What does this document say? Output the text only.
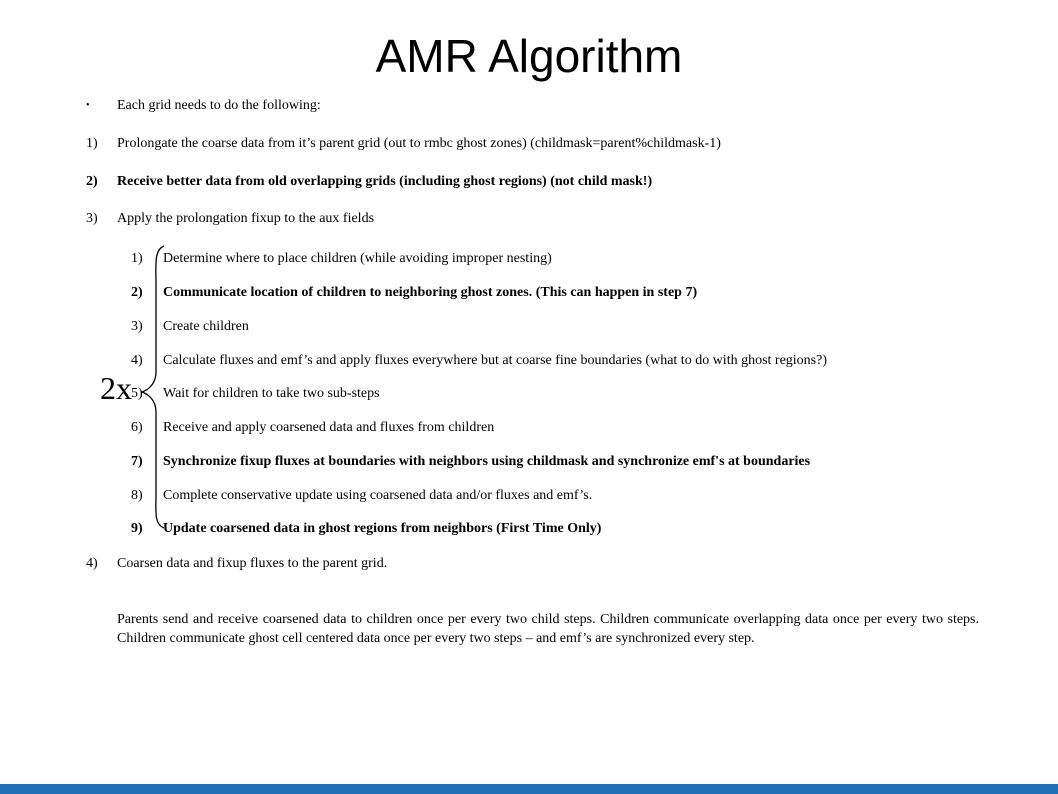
AMR Algorithm
• Each grid needs to do the following:
1) Prolongate the coarse data from it’s parent grid (out to rmbc ghost zones) (childmask=parent%childmask-1)
2) Receive better data from old overlapping grids (including ghost regions) (not child mask!)
3) Apply the prolongation fixup to the aux fields
1) Determine where to place children (while avoiding improper nesting)
2) Communicate location of children to neighboring ghost zones. (This can happen in step 7)
3) Create children
4) Calculate fluxes and emf’s and apply fluxes everywhere but at coarse fine boundaries (what to do with ghost regions?)
5) Wait for children to take two sub-steps
6) Receive and apply coarsened data and fluxes from children
7) Synchronize fixup fluxes at boundaries with neighbors using childmask and synchronize emf's at boundaries
8) Complete conservative update using coarsened data and/or fluxes and emf’s.
9) Update coarsened data in ghost regions from neighbors (First Time Only)
2x
4) Coarsen data and fixup fluxes to the parent grid.
Parents send and receive coarsened data to children once per every two child steps. Children communicate overlapping data once per every two steps. Children communicate ghost cell centered data once per every two steps – and emf’s are synchronized every step.
